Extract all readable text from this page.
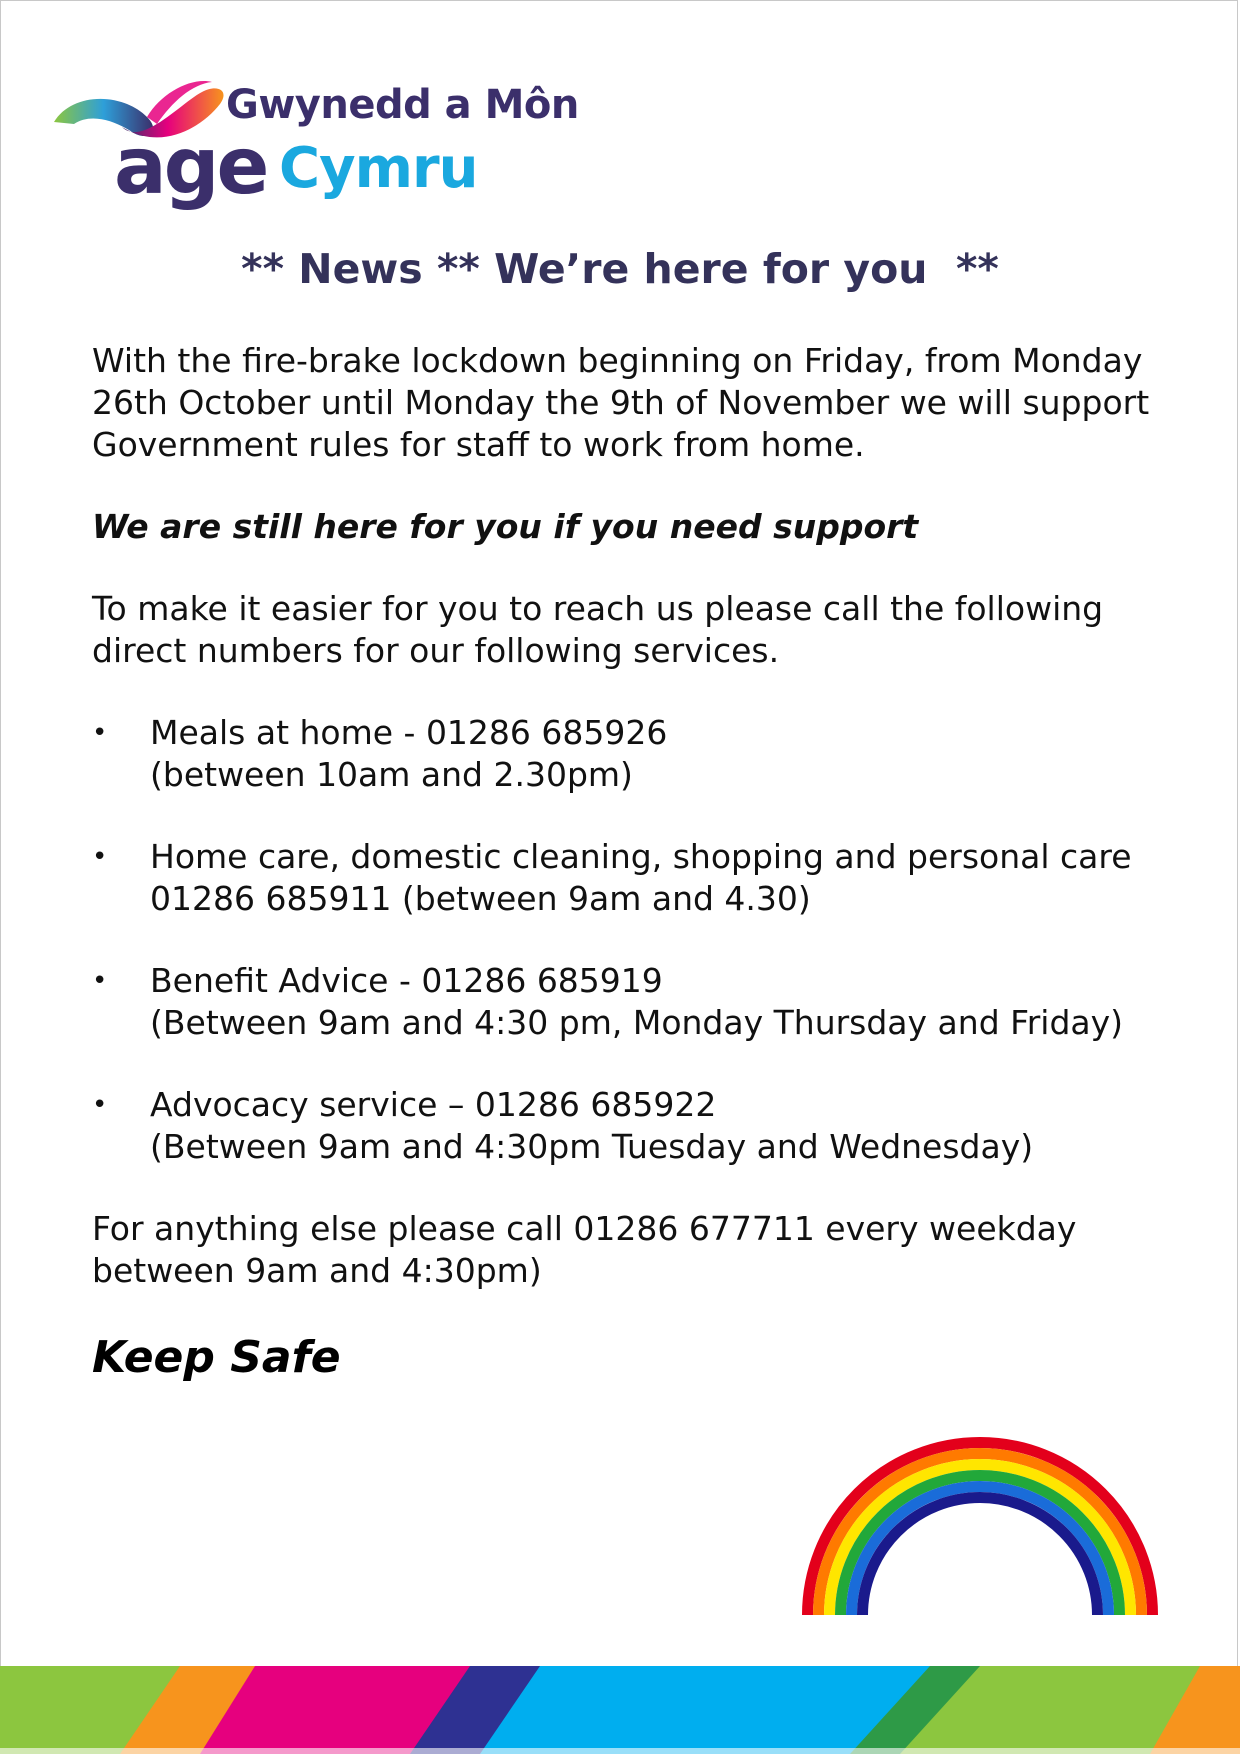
Gwynedd a Môn
age Cymru
** News ** We’re here for you  **

With the fire-brake lockdown beginning on Friday, from Monday 26th October until Monday the 9th of November we will support Government rules for staff to work from home.

We are still here for you if you need support

To make it easier for you to reach us please call the following direct numbers for our following services.

• Meals at home - 01286 685926
(between 10am and 2.30pm)
• Home care, domestic cleaning, shopping and personal care
01286 685911 (between 9am and 4.30)
• Benefit Advice - 01286 685919
(Between 9am and 4:30 pm, Monday Thursday and Friday)
• Advocacy service – 01286 685922
(Between 9am and 4:30pm Tuesday and Wednesday)

For anything else please call 01286 677711 every weekday between 9am and 4:30pm)

Keep Safe
